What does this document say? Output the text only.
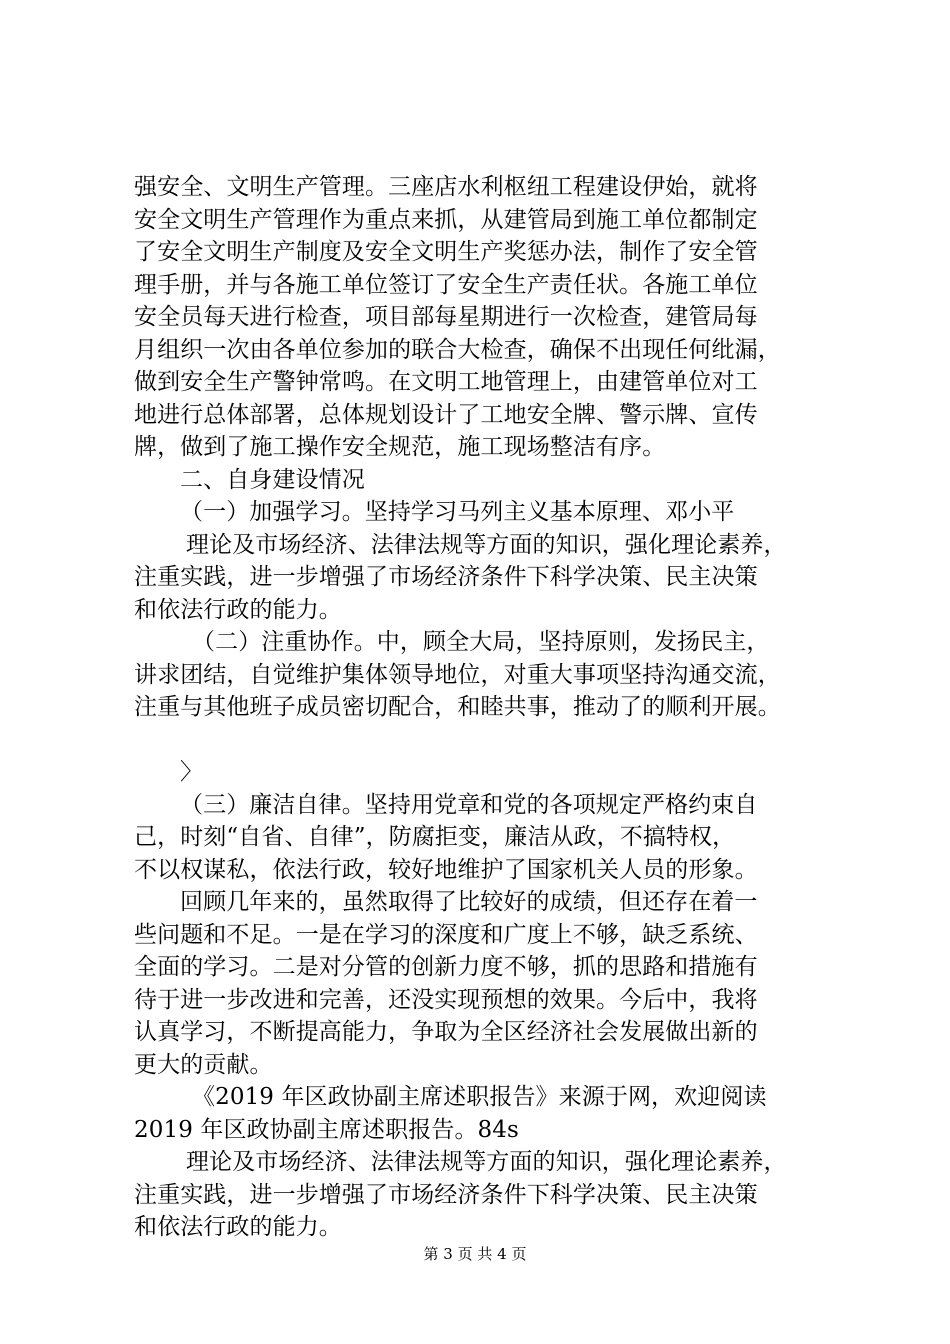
强安全、文明生产管理。三座店水利枢纽工程建设伊始，就将
安全文明生产管理作为重点来抓，从建管局到施工单位都制定
了安全文明生产制度及安全文明生产奖惩办法，制作了安全管
理手册，并与各施工单位签订了安全生产责任状。各施工单位
安全员每天进行检查，项目部每星期进行一次检查，建管局每
月组织一次由各单位参加的联合大检查，确保不出现任何纰漏，
做到安全生产警钟常鸣。在文明工地管理上，由建管单位对工
地进行总体部署，总体规划设计了工地安全牌、警示牌、宣传
牌，做到了施工操作安全规范，施工现场整洁有序。
二、自身建设情况
（一）加强学习。坚持学习马列主义基本原理、邓小平
理论及市场经济、法律法规等方面的知识，强化理论素养，
注重实践，进一步增强了市场经济条件下科学决策、民主决策
和依法行政的能力。
（二）注重协作。中，顾全大局，坚持原则，发扬民主，
讲求团结，自觉维护集体领导地位，对重大事项坚持沟通交流，
注重与其他班子成员密切配合，和睦共事，推动了的顺利开展。
〉
（三）廉洁自律。坚持用党章和党的各项规定严格约束自
己，时刻“自省、自律”，防腐拒变，廉洁从政，不搞特权，
不以权谋私，依法行政，较好地维护了国家机关人员的形象。
回顾几年来的，虽然取得了比较好的成绩，但还存在着一
些问题和不足。一是在学习的深度和广度上不够，缺乏系统、
全面的学习。二是对分管的创新力度不够，抓的思路和措施有
待于进一步改进和完善，还没实现预想的效果。今后中，我将
认真学习，不断提高能力，争取为全区经济社会发展做出新的
更大的贡献。
《2019 年区政协副主席述职报告》来源于网，欢迎阅读
2019 年区政协副主席述职报告。84s
理论及市场经济、法律法规等方面的知识，强化理论素养，
注重实践，进一步增强了市场经济条件下科学决策、民主决策
和依法行政的能力。
第 3 页 共 4 页
